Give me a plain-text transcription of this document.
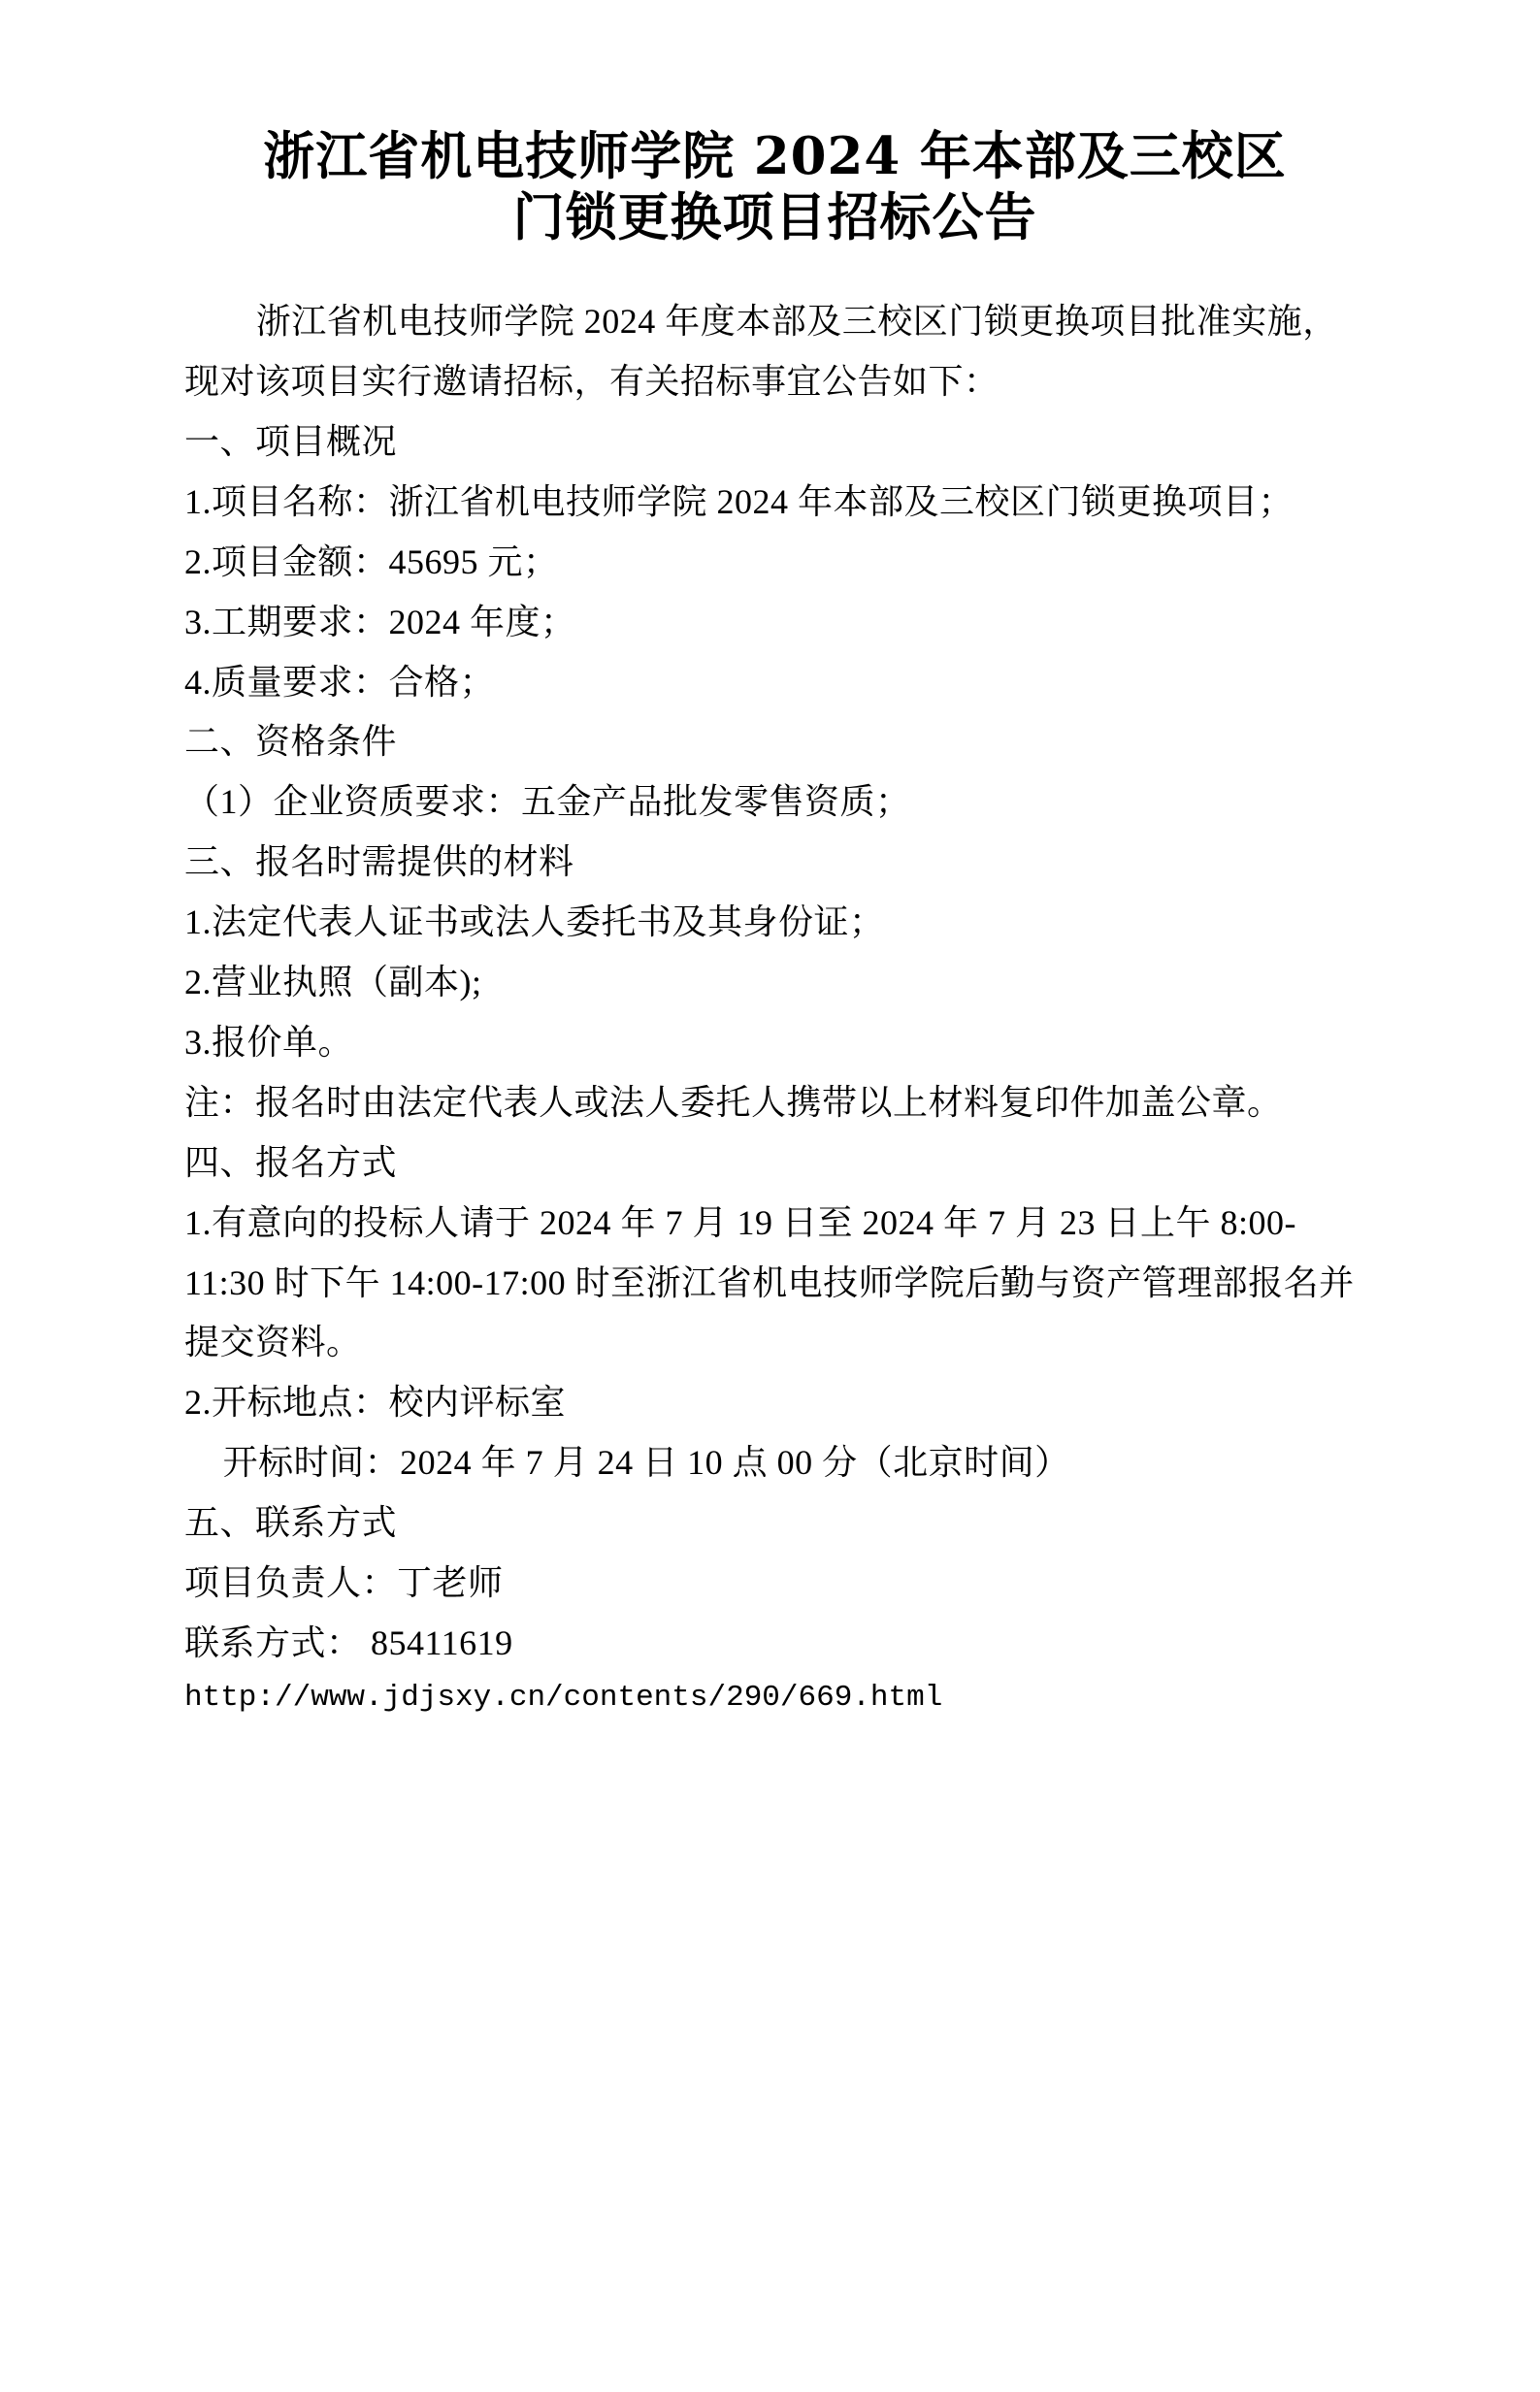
浙江省机电技师学院 2024 年本部及三校区
门锁更换项目招标公告

浙江省机电技师学院 2024 年度本部及三校区门锁更换项目批准实施，现对该项目实行邀请招标，有关招标事宜公告如下：

一、项目概况

1.项目名称：浙江省机电技师学院 2024 年本部及三校区门锁更换项目；

2.项目金额：45695 元；

3.工期要求：2024 年度；

4.质量要求：合格；

二、资格条件

（1）企业资质要求：五金产品批发零售资质；

三、报名时需提供的材料

1.法定代表人证书或法人委托书及其身份证；

2.营业执照（副本);

3.报价单。

注：报名时由法定代表人或法人委托人携带以上材料复印件加盖公章。

四、报名方式

1.有意向的投标人请于 2024 年 7 月 19 日至 2024 年 7 月 23 日上午 8:00- 11:30 时下午 14:00-17:00 时至浙江省机电技师学院后勤与资产管理部报名并提交资料。

2.开标地点：校内评标室

开标时间：2024 年 7 月 24 日 10 点 00 分（北京时间）

五、联系方式

项目负责人：丁老师

联系方式： 85411619

http://www.jdjsxy.cn/contents/290/669.html
